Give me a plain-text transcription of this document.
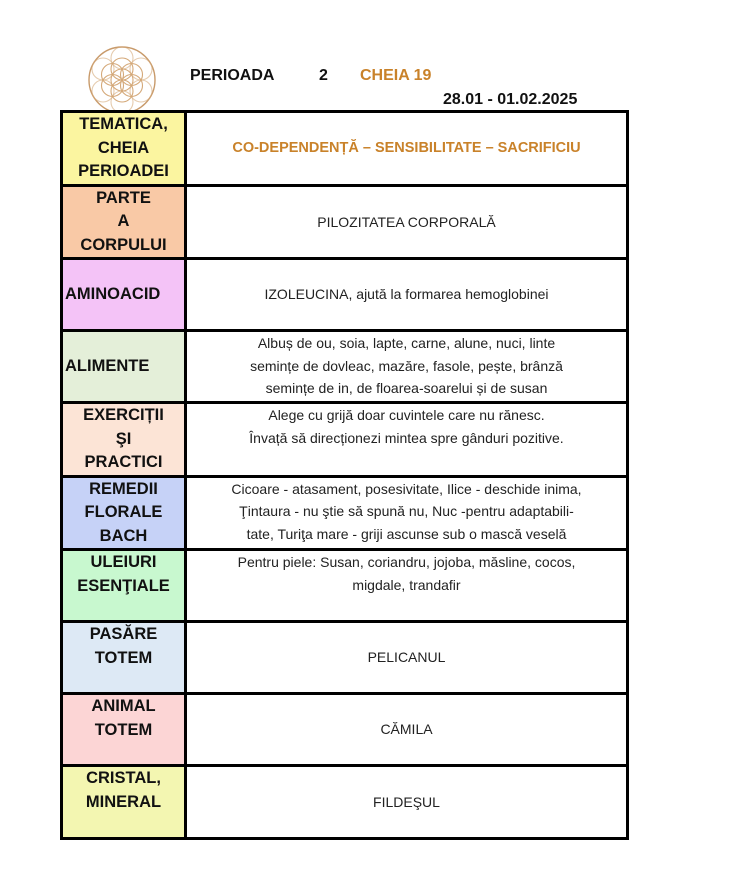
PERIOADA	2 CHEIA 19
28.01 - 01.02.2025
TEMATICA,
CHEIA
PERIOADEI	CO-DEPENDENȚĂ – SENSIBILITATE – SACRIFICIU

PARTE
A
CORPULUI	PILOZITATEA CORPORALĂ

AMINOACID	IZOLEUCINA, ajută la formarea hemoglobinei

ALIMENTE	Albuș de ou, soia, lapte, carne, alune, nuci, linte
semințe de dovleac, mazăre, fasole, pește, brânză
semințe de in, de floarea-soarelui și de susan

EXERCIȚII
ŞI
PRACTICI	Alege cu grijă doar cuvintele care nu rănesc.
Învață să direcționezi mintea spre gânduri pozitive.

REMEDII
FLORALE
BACH	Cicoare - atasament, posesivitate, Ilice - deschide inima,
Ţintaura - nu ştie să spună nu, Nuc -pentru adaptabili-
tate, Turiţa mare - griji ascunse sub o mască veselă

ULEIURI
ESENŢIALE	Pentru piele: Susan, coriandru, jojoba, măsline, cocos,
migdale, trandafir

PASĂRE
TOTEM	PELICANUL

ANIMAL
TOTEM	CĂMILA

CRISTAL,
MINERAL	FILDEŞUL
